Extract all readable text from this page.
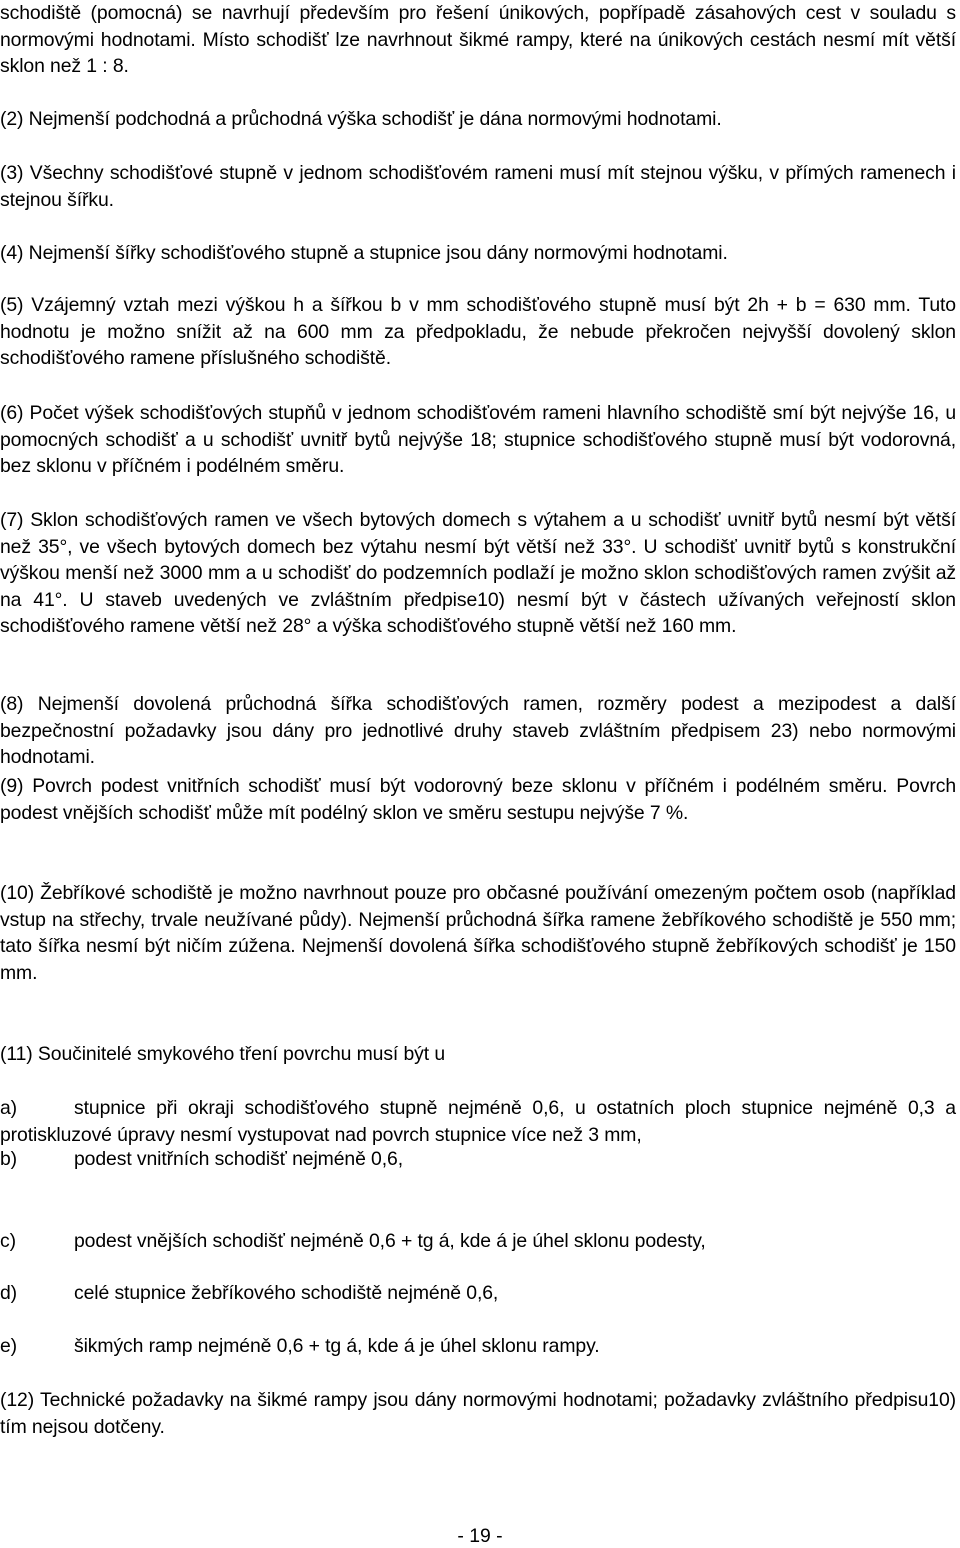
schodiště (pomocná) se navrhují především pro řešení únikových, popřípadě zásahových cest v souladu s normovými hodnotami. Místo schodišť lze navrhnout šikmé rampy, které na únikových cestách nesmí mít větší sklon než 1 : 8.

(2) Nejmenší podchodná a průchodná výška schodišť je dána normovými hodnotami.

(3) Všechny schodišťové stupně v jednom schodišťovém rameni musí mít stejnou výšku, v přímých ramenech i stejnou šířku.

(4) Nejmenší šířky schodišťového stupně a stupnice jsou dány normovými hodnotami.

(5) Vzájemný vztah mezi výškou h a šířkou b v mm schodišťového stupně musí být 2h + b = 630 mm. Tuto hodnotu je možno snížit až na 600 mm za předpokladu, že nebude překročen nejvyšší dovolený sklon schodišťového ramene příslušného schodiště.

(6) Počet výšek schodišťových stupňů v jednom schodišťovém rameni hlavního schodiště smí být nejvýše 16, u pomocných schodišť a u schodišť uvnitř bytů nejvýše 18; stupnice schodišťového stupně musí být vodorovná, bez sklonu v příčném i podélném směru.

(7) Sklon schodišťových ramen ve všech bytových domech s výtahem a u schodišť uvnitř bytů nesmí být větší než 35°, ve všech bytových domech bez výtahu nesmí být větší než 33°. U schodišť uvnitř bytů s konstrukční výškou menší než 3000 mm a u schodišť do podzemních podlaží je možno sklon schodišťových ramen zvýšit až na 41°. U staveb uvedených ve zvláštním předpise10) nesmí být v částech užívaných veřejností sklon schodišťového ramene větší než 28° a výška schodišťového stupně větší než 160 mm.

(8) Nejmenší dovolená průchodná šířka schodišťových ramen, rozměry podest a mezipodest a další bezpečnostní požadavky jsou dány pro jednotlivé druhy staveb zvláštním předpisem 23) nebo normovými hodnotami.

(9) Povrch podest vnitřních schodišť musí být vodorovný beze sklonu v příčném i podélném směru. Povrch podest vnějších schodišť může mít podélný sklon ve směru sestupu nejvýše 7 %.

(10) Žebříkové schodiště je možno navrhnout pouze pro občasné používání omezeným počtem osob (například vstup na střechy, trvale neužívané půdy). Nejmenší průchodná šířka ramene žebříkového schodiště je 550 mm; tato šířka nesmí být ničím zúžena. Nejmenší dovolená šířka schodišťového stupně žebříkových schodišť je 150 mm.

(11) Součinitelé smykového tření povrchu musí být u

a)	stupnice při okraji schodišťového stupně nejméně 0,6, u ostatních ploch stupnice nejméně 0,3 a protiskluzové úpravy nesmí vystupovat nad povrch stupnice více než 3 mm,

b)	podest vnitřních schodišť nejméně 0,6,

c)	podest vnějších schodišť nejméně 0,6 + tg á, kde á je úhel sklonu podesty,

d)	celé stupnice žebříkového schodiště nejméně 0,6,

e)	šikmých ramp nejméně 0,6 + tg á, kde á je úhel sklonu rampy.

(12) Technické požadavky na šikmé rampy jsou dány normovými hodnotami; požadavky zvláštního předpisu10) tím nejsou dotčeny.

- 19 -
